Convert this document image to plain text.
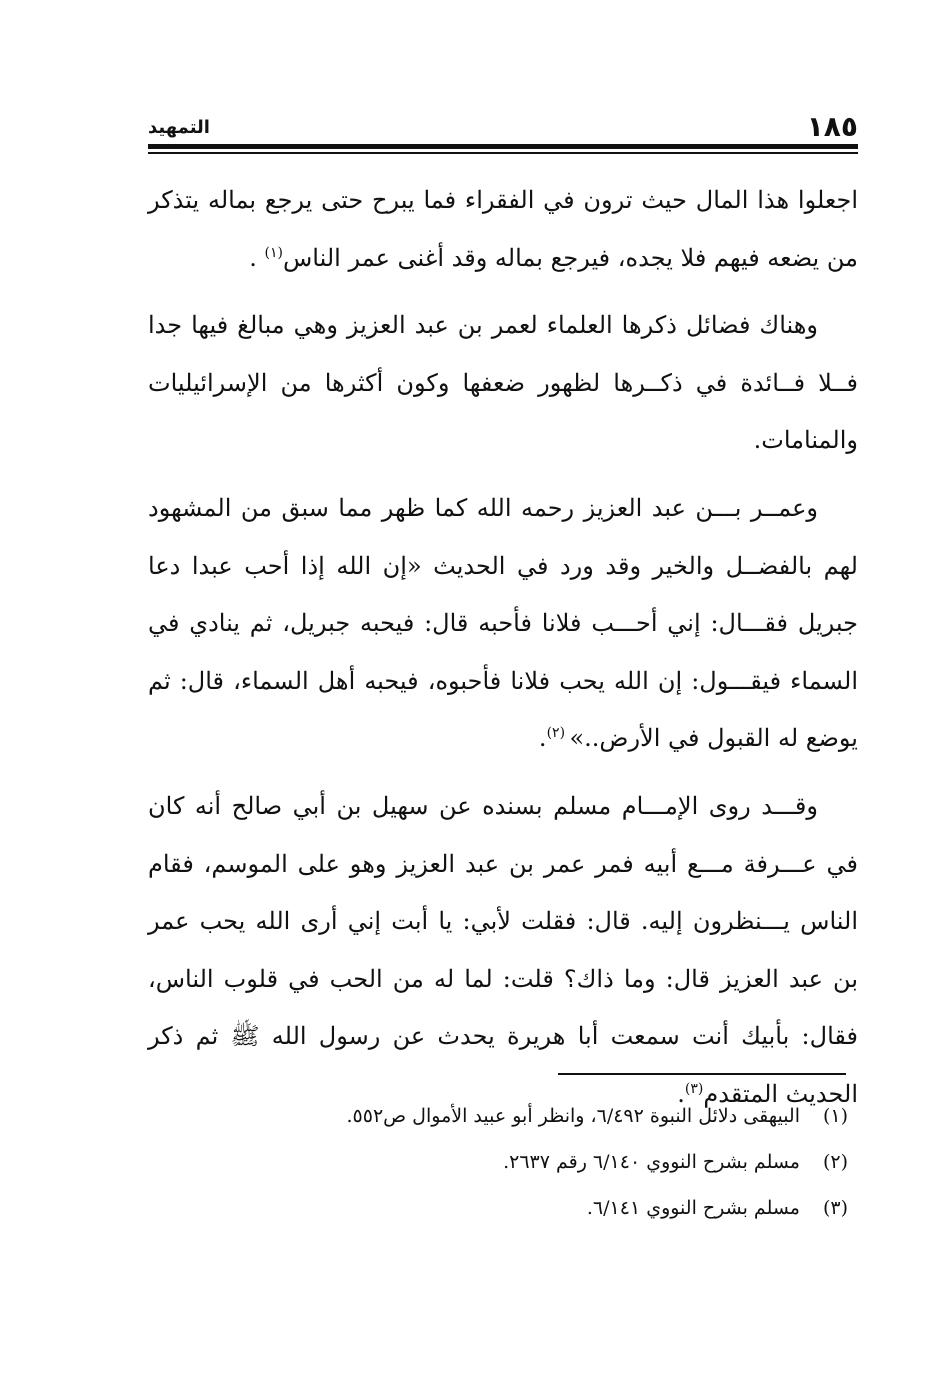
١٨٥
التمهيد

اجعلوا هذا المال حيث ترون في الفقراء فما يبرح حتى يرجع بماله يتذكر من يضعه فيهم فلا يجده، فيرجع بماله وقد أغنى عمر الناس$^{(١)}$ .

وهناك فضائل ذكرها العلماء لعمر بن عبد العزيز وهي مبالغ فيها جدا فــلا فــائدة في ذكــرها لظهور ضعفها وكون أكثرها من الإسرائيليات والمنامات.

وعمــر بـــن عبد العزيز رحمه الله كما ظهر مما سبق من المشهود لهم بالفضــل والخير وقد ورد في الحديث «إن الله إذا أحب عبدا دعا جبريل فقـــال: إني أحـــب فلانا فأحبه قال: فيحبه جبريل، ثم ينادي في السماء فيقـــول: إن الله يحب فلانا فأحبوه، فيحبه أهل السماء، قال: ثم يوضع له القبول في الأرض..» $^{(٢)}$.

وقـــد روى الإمـــام مسلم بسنده عن سهيل بن أبي صالح أنه كان في عـــرفة مـــع أبيه فمر عمر بن عبد العزيز وهو على الموسم، فقام الناس يـــنظرون إليه. قال: فقلت لأبي: يا أبت إني أرى الله يحب عمر بن عبد العزيز قال: وما ذاك؟ قلت: لما له من الحب في قلوب الناس، فقال: بأبيك أنت سمعت أبا هريرة يحدث عن رسول الله ﷺ ثم ذكر الحديث المتقدم$^{(٣)}$.

(١)البيهقى دلائل النبوة ٦/٤٩٢، وانظر أبو عبيد الأموال ص٥٥٢.
(٢)مسلم بشرح النووي ٦/١٤٠ رقم ٢٦٣٧.
(٣)مسلم بشرح النووي ٦/١٤١.
